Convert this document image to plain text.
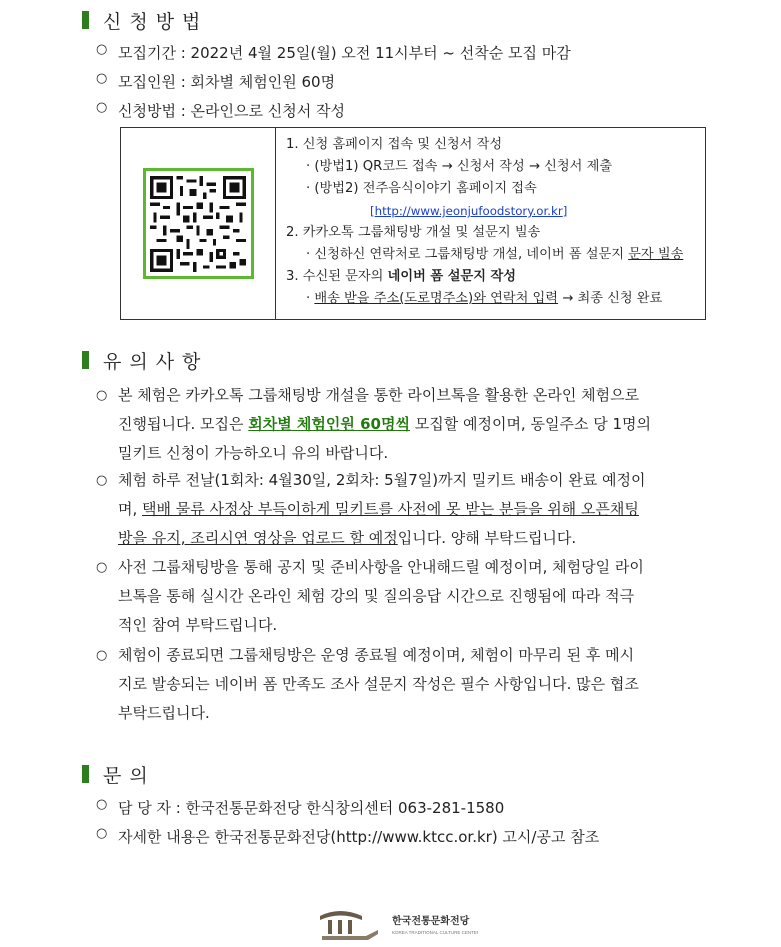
신청방법
○ 모집기간 : 2022년 4월 25일(월) 오전 11시부터 ~ 선착순 모집 마감
○ 모집인원 : 회차별 체험인원 60명
○ 신청방법 : 온라인으로 신청서 작성
1. 신청 홈페이지 접속 및 신청서 작성
· (방법1) QR코드 접속 → 신청서 작성 → 신청서 제출
· (방법2) 전주음식이야기 홈페이지 접속
[http://www.jeonjufoodstory.or.kr]
2. 카카오톡 그룹채팅방 개설 및 설문지 빌송
· 신청하신 연락처로 그룹채팅방 개설, 네이버 폼 설문지 문자 빌송
3. 수신된 문자의 네이버 폼 설문지 작성
· 배송 받을 주소(도로명주소)와 연락처 입력 → 최종 신청 완료
유의사항
○ 본 체험은 카카오톡 그룹채팅방 개설을 통한 라이브톡을 활용한 온라인 체험으로
진행됩니다. 모집은 회차별 체험인원 60명씩 모집할 예정이며, 동일주소 당 1명의
밀키트 신청이 가능하오니 유의 바랍니다.
○ 체험 하루 전날(1회차: 4월30일, 2회차: 5월7일)까지 밀키트 배송이 완료 예정이
며, 택배 물류 사정상 부득이하게 밀키트를 사전에 못 받는 분들을 위해 오픈채팅
방을 유지, 조리시연 영상을 업로드 할 예정입니다. 양해 부탁드립니다.
○ 사전 그룹채팅방을 통해 공지 및 준비사항을 안내해드릴 예정이며, 체험당일 라이
브톡을 통해 실시간 온라인 체험 강의 및 질의응답 시간으로 진행됨에 따라 적극
적인 참여 부탁드립니다.
○ 체험이 종료되면 그룹채팅방은 운영 종료될 예정이며, 체험이 마무리 된 후 메시
지로 발송되는 네이버 폼 만족도 조사 설문지 작성은 필수 사항입니다. 많은 협조
부탁드립니다.
문의
○ 담 당 자 : 한국전통문화전당 한식창의센터 063-281-1580
○ 자세한 내용은 한국전통문화전당(http://www.ktcc.or.kr) 고시/공고 참조
한국전통문화전당
KOREA TRADITIONAL CULTURE CENTER
